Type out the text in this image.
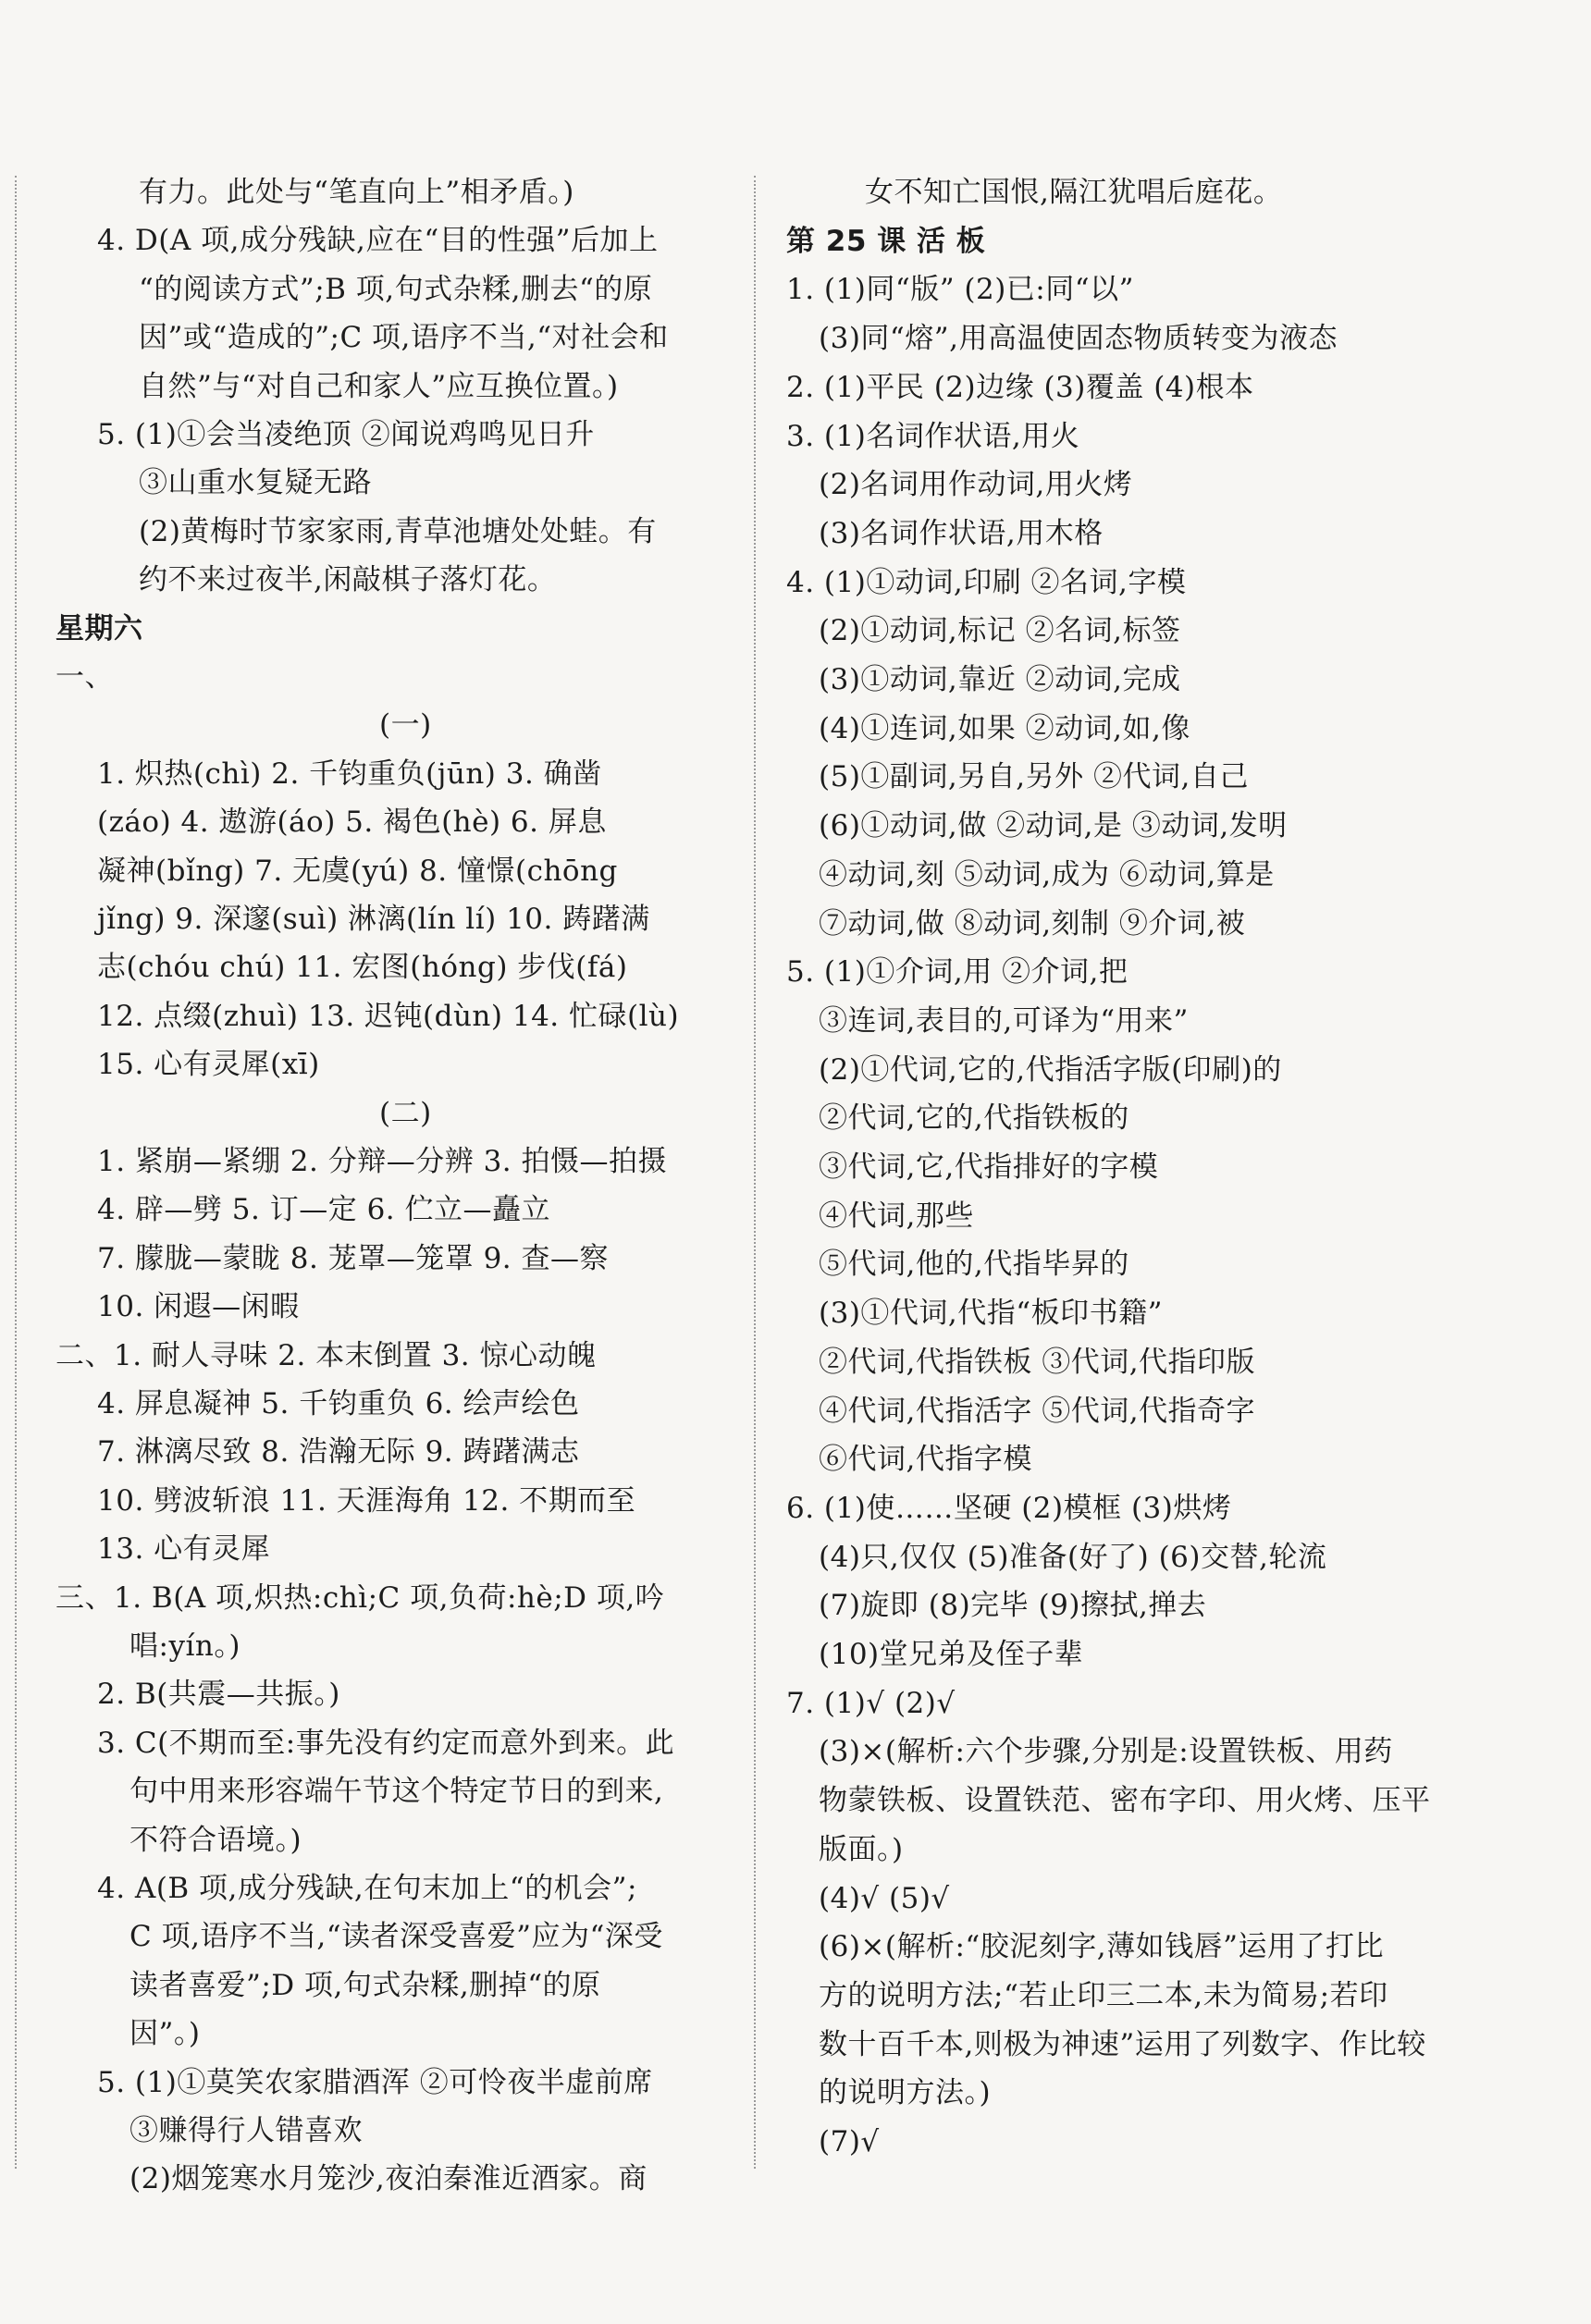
有力。此处与“笔直向上”相矛盾。)
4. D(A 项,成分残缺,应在“目的性强”后加上
“的阅读方式”;B 项,句式杂糅,删去“的原
因”或“造成的”;C 项,语序不当,“对社会和
自然”与“对自己和家人”应互换位置。)
5. (1)①会当凌绝顶 ②闻说鸡鸣见日升
③山重水复疑无路
(2)黄梅时节家家雨,青草池塘处处蛙。有
约不来过夜半,闲敲棋子落灯花。
星期六
一、
(一)
1. 炽热(chì) 2. 千钧重负(jūn) 3. 确凿
(záo) 4. 遨游(áo) 5. 褐色(hè) 6. 屏息
凝神(bǐng) 7. 无虞(yú) 8. 憧憬(chōng
jǐng) 9. 深邃(suì) 淋漓(lín lí) 10. 踌躇满
志(chóu chú) 11. 宏图(hóng) 步伐(fá)
12. 点缀(zhuì) 13. 迟钝(dùn) 14. 忙碌(lù)
15. 心有灵犀(xī)
(二)
1. 紧崩—紧绷 2. 分辩—分辨 3. 拍慑—拍摄
4. 辟—劈 5. 订—定 6. 伫立—矗立
7. 朦胧—蒙眬 8. 茏罩—笼罩 9. 查—察
10. 闲遐—闲暇
二、1. 耐人寻味 2. 本末倒置 3. 惊心动魄
4. 屏息凝神 5. 千钧重负 6. 绘声绘色
7. 淋漓尽致 8. 浩瀚无际 9. 踌躇满志
10. 劈波斩浪 11. 天涯海角 12. 不期而至
13. 心有灵犀
三、1. B(A 项,炽热:chì;C 项,负荷:hè;D 项,吟
唱:yín。)
2. B(共震—共振。)
3. C(不期而至:事先没有约定而意外到来。此
句中用来形容端午节这个特定节日的到来,
不符合语境。)
4. A(B 项,成分残缺,在句末加上“的机会”;
C 项,语序不当,“读者深受喜爱”应为“深受
读者喜爱”;D 项,句式杂糅,删掉“的原
因”。)
5. (1)①莫笑农家腊酒浑 ②可怜夜半虚前席
③赚得行人错喜欢
(2)烟笼寒水月笼沙,夜泊秦淮近酒家。商
女不知亡国恨,隔江犹唱后庭花。
第 25 课 活 板
1. (1)同“版” (2)已:同“以”
(3)同“熔”,用高温使固态物质转变为液态
2. (1)平民 (2)边缘 (3)覆盖 (4)根本
3. (1)名词作状语,用火
(2)名词用作动词,用火烤
(3)名词作状语,用木格
4. (1)①动词,印刷 ②名词,字模
(2)①动词,标记 ②名词,标签
(3)①动词,靠近 ②动词,完成
(4)①连词,如果 ②动词,如,像
(5)①副词,另自,另外 ②代词,自己
(6)①动词,做 ②动词,是 ③动词,发明
④动词,刻 ⑤动词,成为 ⑥动词,算是
⑦动词,做 ⑧动词,刻制 ⑨介词,被
5. (1)①介词,用 ②介词,把
③连词,表目的,可译为“用来”
(2)①代词,它的,代指活字版(印刷)的
②代词,它的,代指铁板的
③代词,它,代指排好的字模
④代词,那些
⑤代词,他的,代指毕昇的
(3)①代词,代指“板印书籍”
②代词,代指铁板 ③代词,代指印版
④代词,代指活字 ⑤代词,代指奇字
⑥代词,代指字模
6. (1)使……坚硬 (2)模框 (3)烘烤
(4)只,仅仅 (5)准备(好了) (6)交替,轮流
(7)旋即 (8)完毕 (9)擦拭,掸去
(10)堂兄弟及侄子辈
7. (1)√ (2)√
(3)×(解析:六个步骤,分别是:设置铁板、用药
物蒙铁板、设置铁范、密布字印、用火烤、压平
版面。)
(4)√ (5)√
(6)×(解析:“胶泥刻字,薄如钱唇”运用了打比
方的说明方法;“若止印三二本,未为简易;若印
数十百千本,则极为神速”运用了列数字、作比较
的说明方法。)
(7)√
